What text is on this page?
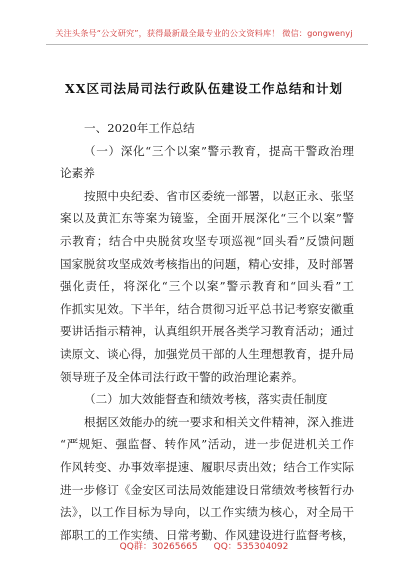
关注头条号“公文研究”，获得最新最全最专业的公文资料库！ 微信：gongwenyj
XX区司法局司法行政队伍建设工作总结和计划
一、2020年工作总结
（一）深化“三个以案”警示教育，提高干警政治理
论素养
按照中央纪委、省市区委统一部署，以赵正永、张坚
案以及黄汇东等案为镜鉴，全面开展深化“三个以案”警
示教育；结合中央脱贫攻坚专项巡视“回头看”反馈问题
国家脱贫攻坚成效考核指出的问题，精心安排，及时部署
强化责任，将深化“三个以案”警示教育和“回头看”工
作抓实见效。下半年，结合贯彻习近平总书记考察安徽重
要讲话指示精神，认真组织开展各类学习教育活动；通过
读原文、谈心得，加强党员干部的人生理想教育，提升局
领导班子及全体司法行政干警的政治理论素养。
（二）加大效能督查和绩效考核，落实责任制度
根据区效能办的统一要求和相关文件精神，深入推进
“严规矩、强监督、转作风”活动，进一步促进机关工作
作风转变、办事效率提速、履职尽责出效；结合工作实际
进一步修订《金安区司法局效能建设日常绩效考核暂行办
法》，以工作目标为导向，以工作实绩为核心，对全局干
部职工的工作实绩、日常考勤、作风建设进行监督考核，
QQ群：30265665 QQ：535304092
